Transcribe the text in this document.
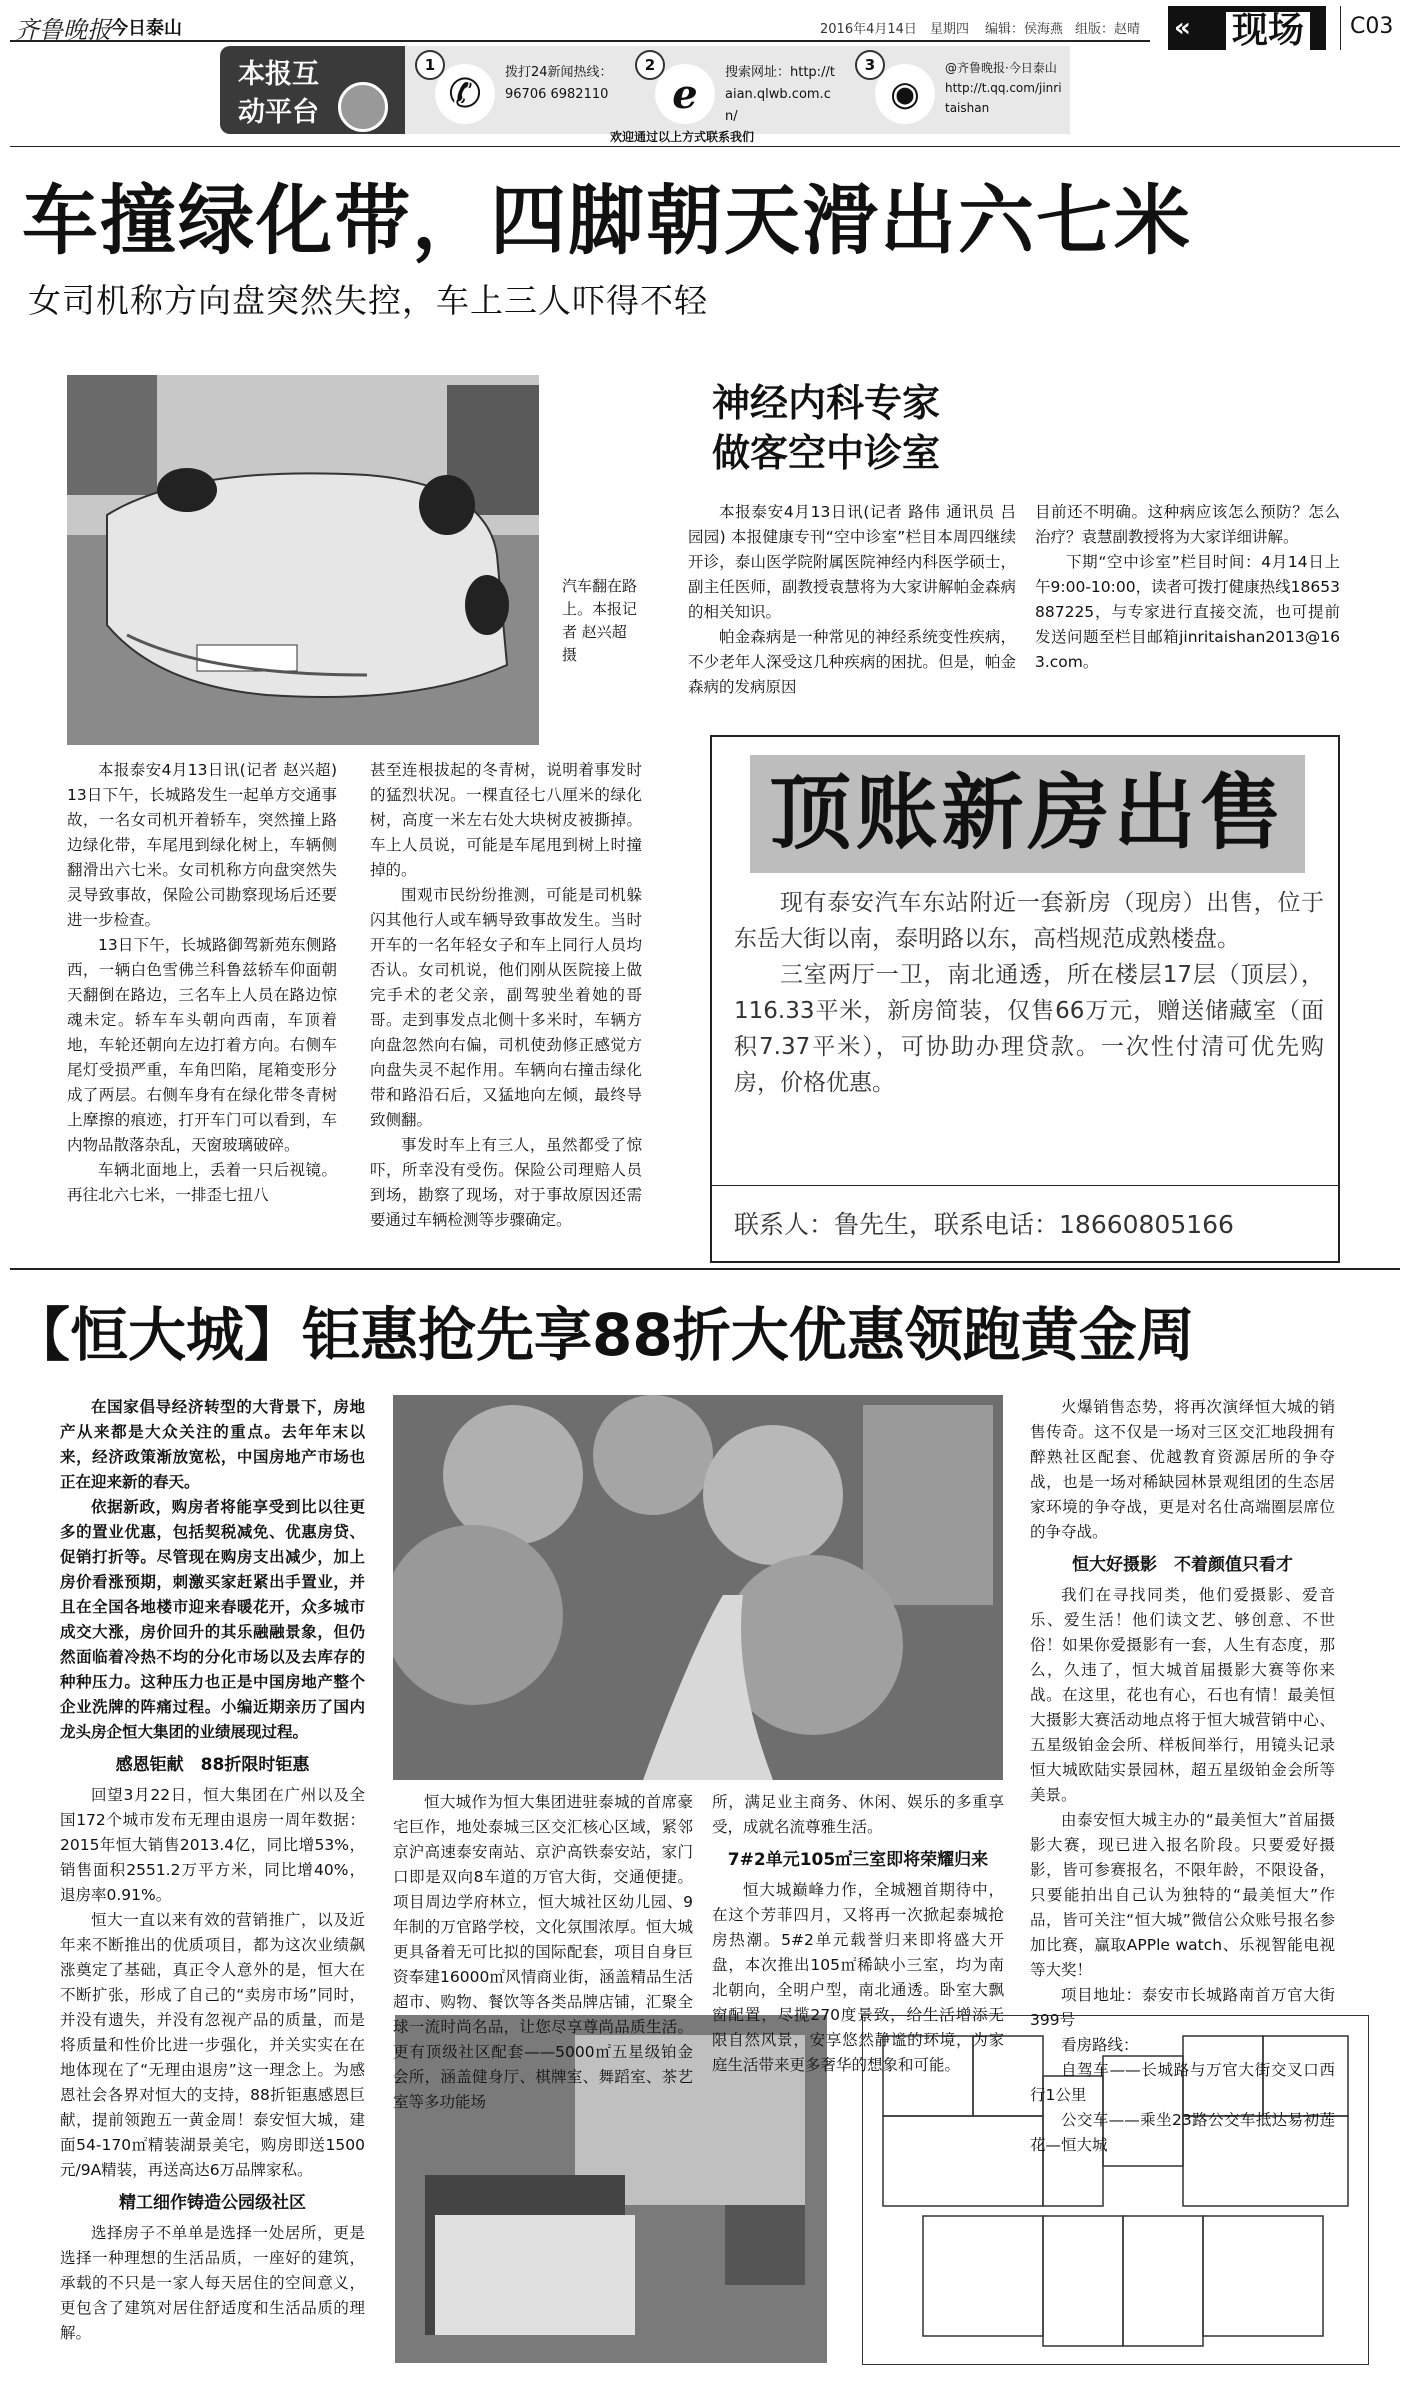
齐鲁晚报 今日泰山	2016年4月14日 星期四 编辑：侯海燕 组版：赵晴 « 现场 C03
本报互
动平台
1
✆	拨打24新闻热线：96706 6982110
2
e	搜索网址：http://taian.qlwb.com.cn/
3
◉
@齐鲁晚报·今日泰山 http://t.qq.com/jinritaishan
欢迎通过以上方式联系我们
车撞绿化带，四脚朝天滑出六七米
女司机称方向盘突然失控，车上三人吓得不轻
汽车翻在路上。本报记者 赵兴超 摄

本报泰安4月13日讯(记者 赵兴超) 13日下午，长城路发生一起单方交通事故，一名女司机开着轿车，突然撞上路边绿化带，车尾甩到绿化树上，车辆侧翻滑出六七米。女司机称方向盘突然失灵导致事故，保险公司勘察现场后还要进一步检查。

13日下午，长城路御驾新苑东侧路西，一辆白色雪佛兰科鲁兹轿车仰面朝天翻倒在路边，三名车上人员在路边惊魂未定。轿车车头朝向西南，车顶着地，车轮还朝向左边打着方向。右侧车尾灯受损严重，车角凹陷，尾箱变形分成了两层。右侧车身有在绿化带冬青树上摩擦的痕迹，打开车门可以看到，车内物品散落杂乱，天窗玻璃破碎。

车辆北面地上，丢着一只后视镜。再往北六七米，一排歪七扭八

甚至连根拔起的冬青树，说明着事发时的猛烈状况。一棵直径七八厘米的绿化树，高度一米左右处大块树皮被撕掉。车上人员说，可能是车尾甩到树上时撞掉的。

围观市民纷纷推测，可能是司机躲闪其他行人或车辆导致事故发生。当时开车的一名年轻女子和车上同行人员均否认。女司机说，他们刚从医院接上做完手术的老父亲，副驾驶坐着她的哥哥。走到事发点北侧十多米时，车辆方向盘忽然向右偏，司机使劲修正感觉方向盘失灵不起作用。车辆向右撞击绿化带和路沿石后，又猛地向左倾，最终导致侧翻。

事发时车上有三人，虽然都受了惊吓，所幸没有受伤。保险公司理赔人员到场，勘察了现场，对于事故原因还需要通过车辆检测等步骤确定。

神经内科专家
做客空中诊室

本报泰安4月13日讯(记者 路伟 通讯员 吕园园) 本报健康专刊“空中诊室”栏目本周四继续开诊，泰山医学院附属医院神经内科医学硕士，副主任医师，副教授袁慧将为大家讲解帕金森病的相关知识。

帕金森病是一种常见的神经系统变性疾病，不少老年人深受这几种疾病的困扰。但是，帕金森病的发病原因

目前还不明确。这种病应该怎么预防？怎么治疗？袁慧副教授将为大家详细讲解。

下期“空中诊室”栏目时间：4月14日上午9:00-10:00，读者可拨打健康热线18653887225，与专家进行直接交流，也可提前发送问题至栏目邮箱jinritaishan2013@163.com。

顶账新房出售

现有泰安汽车东站附近一套新房（现房）出售，位于东岳大街以南，泰明路以东，高档规范成熟楼盘。

三室两厅一卫，南北通透，所在楼层17层（顶层），116.33平米，新房简装，仅售66万元，赠送储藏室（面积7.37平米），可协助办理贷款。一次性付清可优先购房，价格优惠。

联系人：鲁先生，联系电话：18660805166
【恒大城】钜惠抢先享88折大优惠领跑黄金周

在国家倡导经济转型的大背景下，房地产从来都是大众关注的重点。去年年末以来，经济政策渐放宽松，中国房地产市场也正在迎来新的春天。

依据新政，购房者将能享受到比以往更多的置业优惠，包括契税减免、优惠房贷、促销打折等。尽管现在购房支出减少，加上房价看涨预期，刺激买家赶紧出手置业，并且在全国各地楼市迎来春暖花开，众多城市成交大涨，房价回升的其乐融融景象，但仍然面临着冷热不均的分化市场以及去库存的种种压力。这种压力也正是中国房地产整个企业洗牌的阵痛过程。小编近期亲历了国内龙头房企恒大集团的业绩展现过程。

感恩钜献　88折限时钜惠

回望3月22日，恒大集团在广州以及全国172个城市发布无理由退房一周年数据：2015年恒大销售2013.4亿，同比增53%，销售面积2551.2万平方米，同比增40%，退房率0.91%。

恒大一直以来有效的营销推广，以及近年来不断推出的优质项目，都为这次业绩飙涨奠定了基础，真正令人意外的是，恒大在不断扩张，形成了自己的“卖房市场”同时，并没有遗失，并没有忽视产品的质量，而是将质量和性价比进一步强化，并关实实在在地体现在了“无理由退房”这一理念上。为感恩社会各界对恒大的支持，88折钜惠感恩巨献，提前领跑五一黄金周！泰安恒大城，建面54-170㎡精装湖景美宅，购房即送1500元/9A精装，再送高达6万品牌家私。

精工细作铸造公园级社区

选择房子不单单是选择一处居所，更是选择一种理想的生活品质，一座好的建筑，承载的不只是一家人每天居住的空间意义，更包含了建筑对居住舒适度和生活品质的理解。

恒大城作为恒大集团进驻泰城的首席豪宅巨作，地处泰城三区交汇核心区域，紧邻京沪高速泰安南站、京沪高铁泰安站，家门口即是双向8车道的万官大街，交通便捷。项目周边学府林立，恒大城社区幼儿园、9年制的万官路学校，文化氛围浓厚。恒大城更具备着无可比拟的国际配套，项目自身巨资奉建16000㎡风情商业街，涵盖精品生活超市、购物、餐饮等各类品牌店铺，汇聚全球一流时尚名品，让您尽享尊尚品质生活。更有顶级社区配套——5000㎡五星级铂金会所，涵盖健身厅、棋牌室、舞蹈室、茶艺室等多功能场

所，满足业主商务、休闲、娱乐的多重享受，成就名流尊雅生活。

7#2单元105㎡三室即将荣耀归来

恒大城巅峰力作，全城翘首期待中，在这个芳菲四月，又将再一次掀起泰城抢房热潮。5#2单元载誉归来即将盛大开盘，本次推出105㎡稀缺小三室，均为南北朝向，全明户型，南北通透。卧室大飘窗配置，尽揽270度景致，给生活增添无限自然风景，安享悠然静谧的环境，为家庭生活带来更多奢华的想象和可能。

火爆销售态势，将再次演绎恒大城的销售传奇。这不仅是一场对三区交汇地段拥有醉熟社区配套、优越教育资源居所的争夺战，也是一场对稀缺园林景观组团的生态居家环境的争夺战，更是对名仕高端圈层席位的争夺战。

恒大好摄影　不着颜值只看才

我们在寻找同类，他们爱摄影、爱音乐、爱生活！他们读文艺、够创意、不世俗！如果你爱摄影有一套，人生有态度，那么，久违了，恒大城首届摄影大赛等你来战。在这里，花也有心，石也有情！最美恒大摄影大赛活动地点将于恒大城营销中心、五星级铂金会所、样板间举行，用镜头记录恒大城欧陆实景园林，超五星级铂金会所等美景。

由泰安恒大城主办的“最美恒大”首届摄影大赛，现已进入报名阶段。只要爱好摄影，皆可参赛报名，不限年龄，不限设备，只要能拍出自己认为独特的“最美恒大”作品，皆可关注“恒大城”微信公众账号报名参加比赛，赢取APPle watch、乐视智能电视等大奖！

项目地址：泰安市长城路南首万官大街399号

看房路线：

自驾车——长城路与万官大街交叉口西行1公里

公交车——乘坐23路公交车抵达易初莲花—恒大城
